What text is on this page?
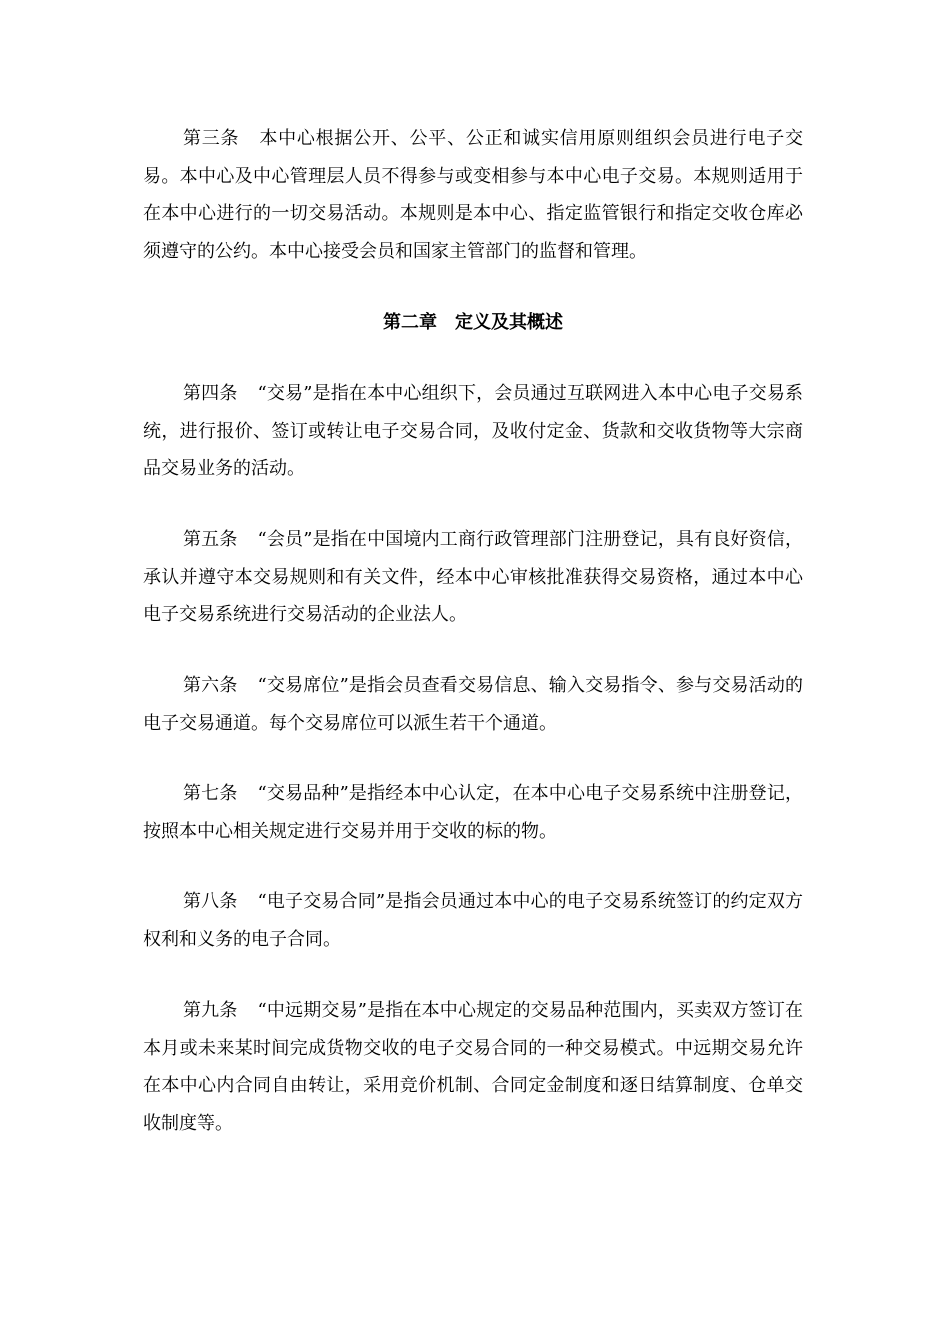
第三条 本中心根据公开、公平、公正和诚实信用原则组织会员进行电子交易。本中心及中心管理层人员不得参与或变相参与本中心电子交易。本规则适用于在本中心进行的一切交易活动。本规则是本中心、指定监管银行和指定交收仓库必须遵守的公约。本中心接受会员和国家主管部门的监督和管理。

第二章 定义及其概述

第四条 “交易”是指在本中心组织下，会员通过互联网进入本中心电子交易系统，进行报价、签订或转让电子交易合同，及收付定金、货款和交收货物等大宗商品交易业务的活动。

第五条 “会员”是指在中国境内工商行政管理部门注册登记，具有良好资信，承认并遵守本交易规则和有关文件，经本中心审核批准获得交易资格，通过本中心电子交易系统进行交易活动的企业法人。

第六条 “交易席位”是指会员查看交易信息、输入交易指令、参与交易活动的电子交易通道。每个交易席位可以派生若干个通道。

第七条 “交易品种”是指经本中心认定，在本中心电子交易系统中注册登记，按照本中心相关规定进行交易并用于交收的标的物。

第八条 “电子交易合同”是指会员通过本中心的电子交易系统签订的约定双方权利和义务的电子合同。

第九条 “中远期交易”是指在本中心规定的交易品种范围内，买卖双方签订在本月或未来某时间完成货物交收的电子交易合同的一种交易模式。中远期交易允许在本中心内合同自由转让，采用竞价机制、合同定金制度和逐日结算制度、仓单交收制度等。
